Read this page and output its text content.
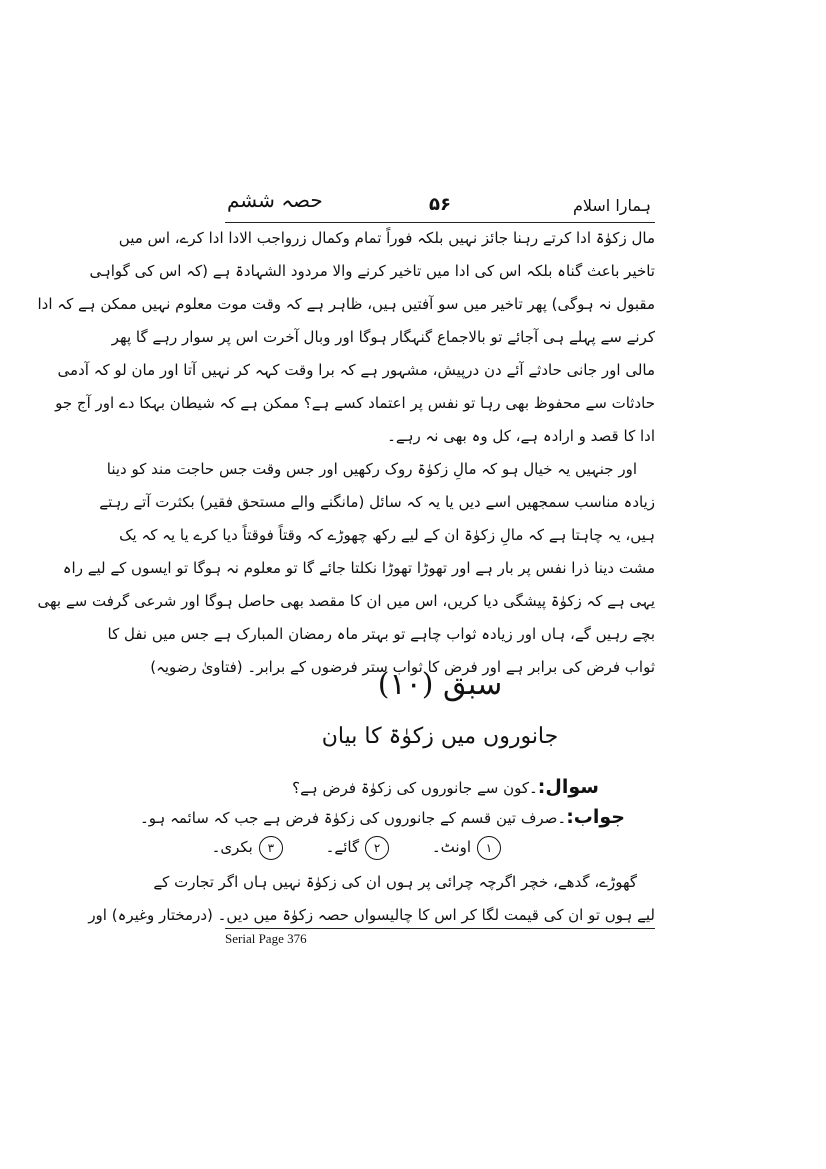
ہمارا اسلام
۵۶
حصہ ششم
مال زکوٰۃ ادا کرتے رہنا جائز نہیں بلکہ فوراً تمام وکمال زرواجب الادا ادا کرے، اس میں
تاخیر باعث گناہ بلکہ اس کی ادا میں تاخیر کرنے والا مردود الشہادۃ ہے (کہ اس کی گواہی
مقبول نہ ہوگی) پھر تاخیر میں سو آفتیں ہیں، ظاہر ہے کہ وقت موت معلوم نہیں ممکن ہے کہ ادا
کرنے سے پہلے ہی آجائے تو بالاجماع گنہگار ہوگا اور وبال آخرت اس پر سوار رہے گا پھر
مالی اور جانی حادثے آئے دن درپیش، مشہور ہے کہ برا وقت کہہ کر نہیں آتا اور مان لو کہ آدمی
حادثات سے محفوظ بھی رہا تو نفس پر اعتماد کسے ہے؟ ممکن ہے کہ شیطان بہکا دے اور آج جو
ادا کا قصد و ارادہ ہے، کل وہ بھی نہ رہے۔
اور جنہیں یہ خیال ہو کہ مالِ زکوٰۃ روک رکھیں اور جس وقت جس حاجت مند کو دینا
زیادہ مناسب سمجھیں اسے دیں یا یہ کہ سائل (مانگنے والے مستحق فقیر) بکثرت آتے رہتے
ہیں، یہ چاہتا ہے کہ مالِ زکوٰۃ ان کے لیے رکھ چھوڑے کہ وقتاً فوقتاً دیا کرے یا یہ کہ یک
مشت دینا ذرا نفس پر بار ہے اور تھوڑا تھوڑا نکلتا جائے گا تو معلوم نہ ہوگا تو ایسوں کے لیے راہ
یہی ہے کہ زکوٰۃ پیشگی دیا کریں، اس میں ان کا مقصد بھی حاصل ہوگا اور شرعی گرفت سے بھی
بچے رہیں گے، ہاں اور زیادہ ثواب چاہے تو بہتر ماہ رمضان المبارک ہے جس میں نفل کا
ثواب فرض کی برابر ہے اور فرض کا ثواب ستر فرضوں کے برابر۔ (فتاویٰ رضویہ)
سبق (۱۰)
جانوروں میں زکوٰۃ کا بیان
سوال:۔کون سے جانوروں کی زکوٰۃ فرض ہے؟
جواب:۔صرف تین قسم کے جانوروں کی زکوٰۃ فرض ہے جب کہ سائمہ ہو۔
۱اونٹ۔ ۲گائے۔ ۳بکری۔
گھوڑے، گدھے، خچر اگرچہ چرائی پر ہوں ان کی زکوٰۃ نہیں ہاں اگر تجارت کے
لیے ہوں تو ان کی قیمت لگا کر اس کا چالیسواں حصہ زکوٰۃ میں دیں۔ (درمختار وغیرہ) اور
Serial Page 376
